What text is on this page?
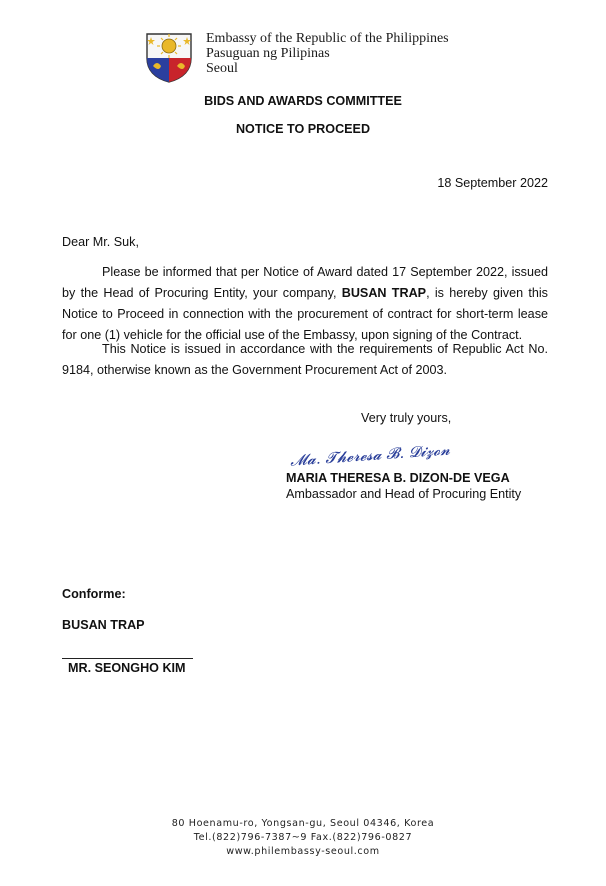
Embassy of the Republic of the Philippines
Pasuguan ng Pilipinas
Seoul
BIDS AND AWARDS COMMITTEE
NOTICE TO PROCEED
18 September 2022
Dear Mr. Suk,

Please be informed that per Notice of Award dated 17 September 2022, issued by the Head of Procuring Entity, your company, BUSAN TRAP, is hereby given this Notice to Proceed in connection with the procurement of contract for short-term lease for one (1) vehicle for the official use of the Embassy, upon signing of the Contract.

This Notice is issued in accordance with the requirements of Republic Act No. 9184, otherwise known as the Government Procurement Act of 2003.

Very truly yours,
𝓜𝓪. 𝓣𝓱𝓮𝓻𝓮𝓼𝓪 𝓑. 𝓓𝓲𝔃𝓸𝓷
MARIA THERESA B. DIZON-DE VEGA
Ambassador and Head of Procuring Entity
Conforme:
BUSAN TRAP
MR. SEONGHO KIM
80 Hoenamu-ro, Yongsan-gu, Seoul 04346, Korea
Tel.(822)796-7387~9 Fax.(822)796-0827
www.philembassy-seoul.com
